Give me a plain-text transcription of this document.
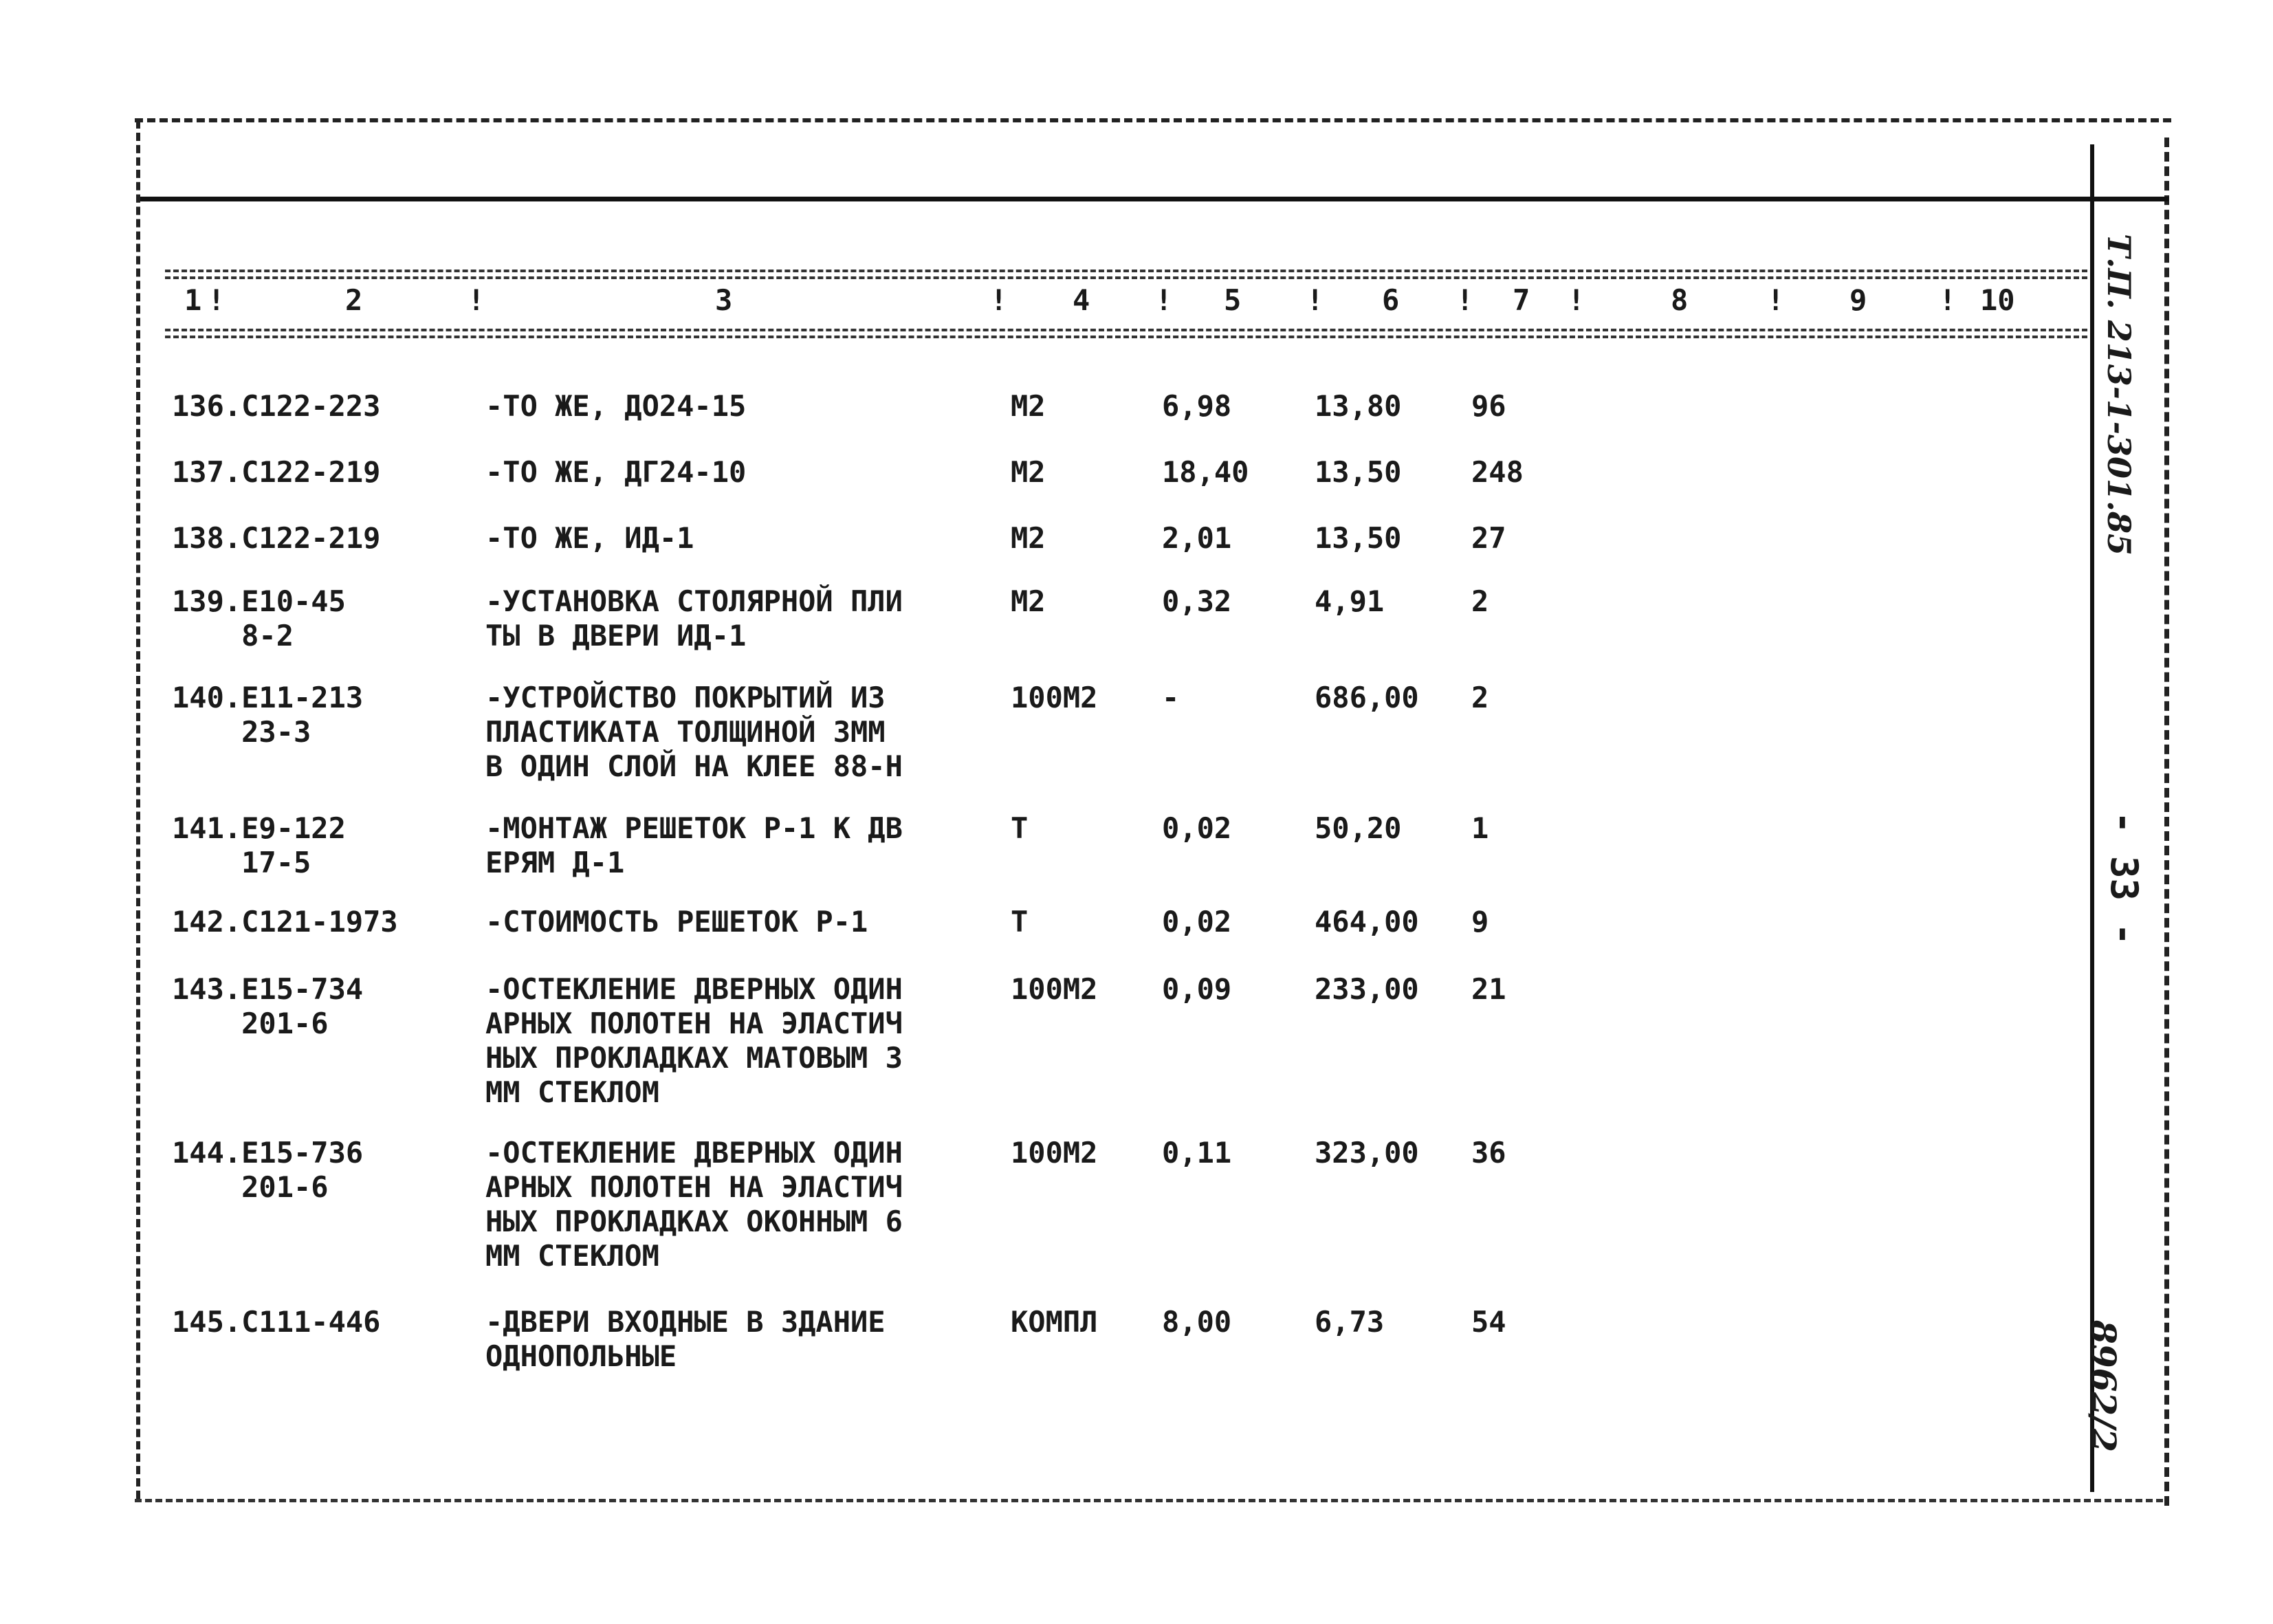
1 !	2	!	3	! 4 ! 5 ! 6 ! 7 !	8	! 9 ! 10
136.С122-223	-ТО ЖЕ, ДО24-15	М2	6,98	13,80 96
137.С122-219	-ТО ЖЕ, ДГ24-10	М2	18,40 13,50 248
138.С122-219	-ТО ЖЕ, ИД-1	М2	2,01	13,50 27
139.Е10-45
8-2
-УСТАНОВКА СТОЛЯРНОЙ ПЛИ
ТЫ В ДВЕРИ ИД-1
М2	0,32	4,91	2
140.Е11-213
23-3
-УСТРОЙСТВО ПОКРЫТИЙ ИЗ
ПЛАСТИКАТА ТОЛЩИНОЙ 3ММ
В ОДИН СЛОЙ НА КЛЕЕ 88-Н
100М2 -	686,00 2
141.Е9-122
17-5
-МОНТАЖ РЕШЕТОК Р-1 К ДВ
ЕРЯМ Д-1
Т	0,02	50,20 1
142.С121-1973	-СТОИМОСТЬ РЕШЕТОК Р-1	Т	0,02	464,00 9
143.Е15-734
201-6
-ОСТЕКЛЕНИЕ ДВЕРНЫХ ОДИН
АРНЫХ ПОЛОТЕН НА ЭЛАСТИЧ
НЫХ ПРОКЛАДКАХ МАТОВЫМ 3
ММ СТЕКЛОМ
100М2 0,09	233,00 21
144.Е15-736
201-6
-ОСТЕКЛЕНИЕ ДВЕРНЫХ ОДИН
АРНЫХ ПОЛОТЕН НА ЭЛАСТИЧ
НЫХ ПРОКЛАДКАХ ОКОННЫМ 6
ММ СТЕКЛОМ
100М2 0,11	323,00 36
145.С111-446	-ДВЕРИ ВХОДНЫЕ В ЗДАНИЕ
ОДНОПОЛЬНЫЕ
КОМПЛ 8,00	6,73	54
Т.П. 213-1-301.85
- 33 -
8962/2
